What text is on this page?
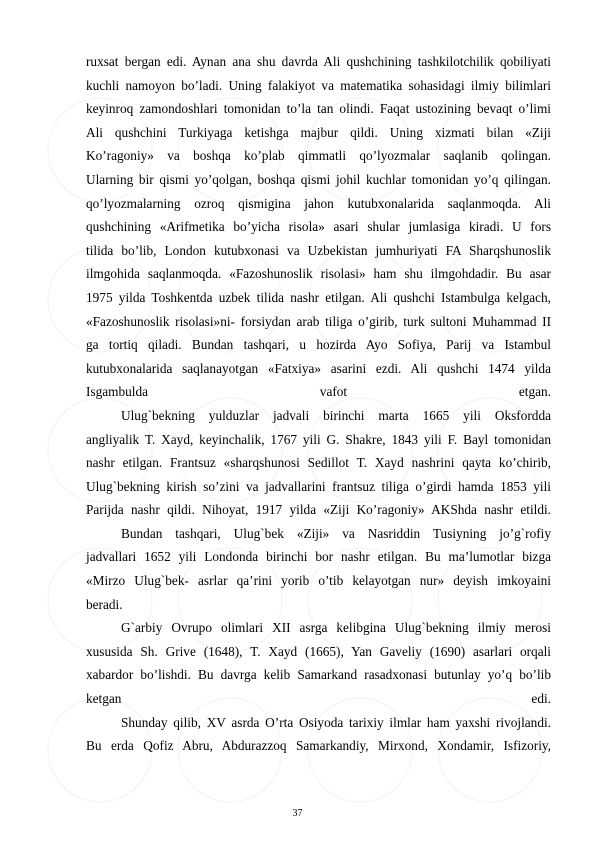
ruxsat bergan edi. Aynan ana shu davrda Ali qushchining tashkilotchilik qobiliyati
kuchli namoyon bo’ladi. Uning falakiyot va matematika sohasidagi ilmiy bilimlari
keyinroq zamondoshlari tomonidan to’la tan olindi. Faqat ustozining bevaqt o’limi
Ali qushchini Turkiyaga ketishga majbur qildi. Uning xizmati bilan «Ziji
Ko’ragoniy» va boshqa ko’plab qimmatli qo’lyozmalar saqlanib qolingan.
Ularning bir qismi yo’qolgan, boshqa qismi johil kuchlar tomonidan yo’q qilingan.
qo’lyozmalarning ozroq qismigina jahon kutubxonalarida saqlanmoqda. Ali
qushchining «Arifmetika bo’yicha risola» asari shular jumlasiga kiradi. U fors
tilida bo’lib, London kutubxonasi va Uzbekistan jumhuriyati FA Sharqshunoslik
ilmgohida saqlanmoqda. «Fazoshunoslik risolasi» ham shu ilmgohdadir. Bu asar
1975 yilda Toshkentda uzbek tilida nashr etilgan. Ali qushchi Istambulga kelgach,
«Fazoshunoslik risolasi»ni- forsiydan arab tiliga o’girib, turk sultoni Muhammad II
ga tortiq qiladi. Bundan tashqari, u hozirda Ayo Sofiya, Parij va Istambul
kutubxonalarida saqlanayotgan «Fatxiya» asarini ezdi. Ali qushchi 1474 yilda
Isgambulda vafot etgan.

Ulug`bekning yulduzlar jadvali birinchi marta 1665 yili Oksfordda
angliyalik T. Xayd, keyinchalik, 1767 yili G. Shakre, 1843 yili F. Bayl tomonidan
nashr etilgan. Frantsuz «sharqshunosi Sedillot T. Xayd nashrini qayta ko’chirib,
Ulug`bekning kirish so’zini va jadvallarini frantsuz tiliga o’girdi hamda 1853 yili
Parijda nashr qildi. Nihoyat, 1917 yilda «Ziji Ko’ragoniy» AKShda nashr etildi.

Bundan tashqari, Ulug`bek «Ziji» va Nasriddin Tusiyning jo’g`rofiy
jadvallari 1652 yili Londonda birinchi bor nashr etilgan. Bu ma’lumotlar bizga
«Mirzo Ulug`bek- asrlar qa’rini yorib o’tib kelayotgan nur» deyish imkoyaini
beradi.

G`arbiy Ovrupo olimlari XII asrga kelibgina Ulug`bekning ilmiy merosi
xususida Sh. Grive (1648), T. Xayd (1665), Yan Gaveliy (1690) asarlari orqali
xabardor bo’lishdi. Bu davrga kelib Samarkand rasadxonasi butunlay yo’q bo’lib
ketgan edi.

Shunday qilib, XV asrda O’rta Osiyoda tarixiy ilmlar ham yaxshi rivojlandi.
Bu erda Qofiz Abru, Abdurazzoq Samarkandiy, Mirxond, Xondamir, Isfizoriy,

37
